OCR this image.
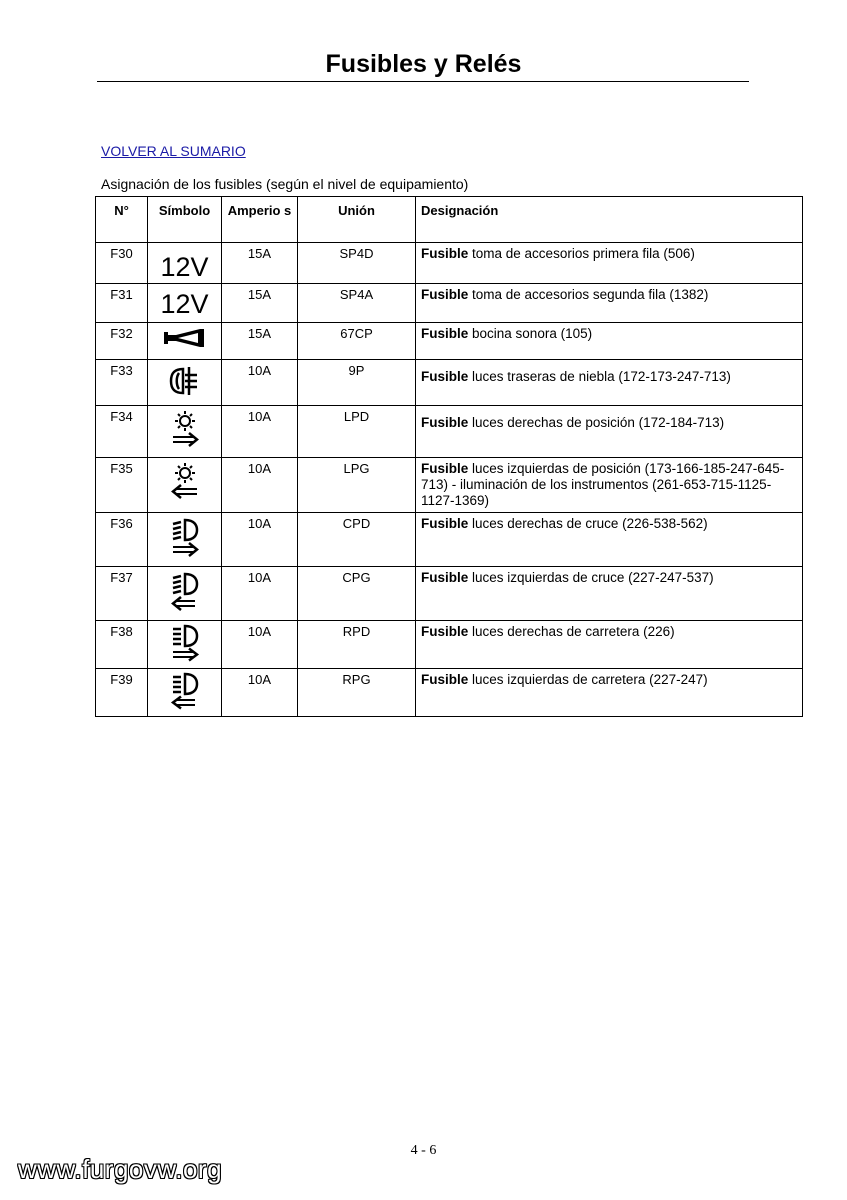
Fusibles y Relés
VOLVER AL SUMARIO
Asignación de los fusibles (según el nivel de equipamiento)
N°	Símbolo	Amperio s	Unión	Designación
F30	12V	15A	SP4D	Fusible toma de accesorios primera fila (506)
F31	12V	15A	SP4A	Fusible toma de accesorios segunda fila (1382)
F32		15A	67CP	Fusible bocina sonora (105)
F33		10A	9P	Fusible luces traseras de niebla (172-173-247-713)
F34		10A	LPD	Fusible luces derechas de posición (172-184-713)
F35		10A	LPG	Fusible luces izquierdas de posición (173-166-185-247-645-713) - iluminación de los instrumentos (261-653-715-1125-1127-1369)
F36		10A	CPD	Fusible luces derechas de cruce (226-538-562)
F37		10A	CPG	Fusible luces izquierdas de cruce (227-247-537)
F38		10A	RPD	Fusible luces derechas de carretera (226)
F39		10A	RPG	Fusible luces izquierdas de carretera (227-247)
4 - 6
www.furgovw.org
